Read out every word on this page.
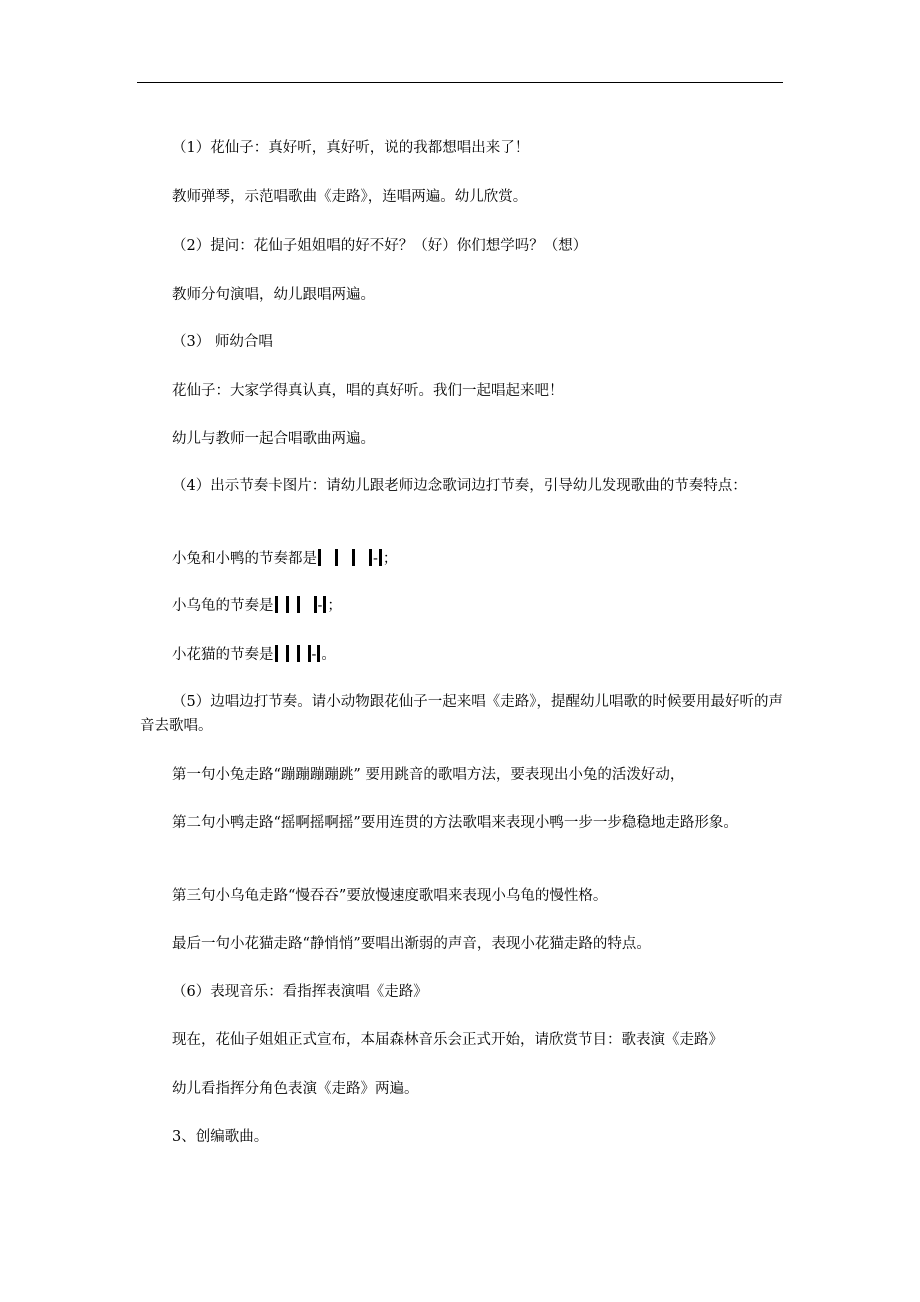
（1）花仙子：真好听，真好听，说的我都想唱出来了！
教师弹琴，示范唱歌曲《走路》，连唱两遍。幼儿欣赏。
（2）提问：花仙子姐姐唱的好不好？（好）你们想学吗？（想）
教师分句演唱，幼儿跟唱两遍。
（3） 师幼合唱
花仙子：大家学得真认真，唱的真好听。我们一起唱起来吧！
幼儿与教师一起合唱歌曲两遍。
（4）出示节奏卡图片：请幼儿跟老师边念歌词边打节奏，引导幼儿发现歌曲的节奏特点：
小兔和小鸭的节奏都是	- ；
小乌龟的节奏是	- ；
小花猫的节奏是	- 。
（5）边唱边打节奏。请小动物跟花仙子一起来唱《走路》，提醒幼儿唱歌的时候要用最好听的声音去歌唱。
第一句小兔走路“蹦蹦蹦蹦跳” 要用跳音的歌唱方法，要表现出小兔的活泼好动，
第二句小鸭走路“摇啊摇啊摇”要用连贯的方法歌唱来表现小鸭一步一步稳稳地走路形象。
第三句小乌龟走路“慢吞吞”要放慢速度歌唱来表现小乌龟的慢性格。
最后一句小花猫走路“静悄悄”要唱出渐弱的声音，表现小花猫走路的特点。
（6）表现音乐：看指挥表演唱《走路》
现在，花仙子姐姐正式宣布，本届森林音乐会正式开始，请欣赏节目：歌表演《走路》
幼儿看指挥分角色表演《走路》两遍。
3、创编歌曲。
